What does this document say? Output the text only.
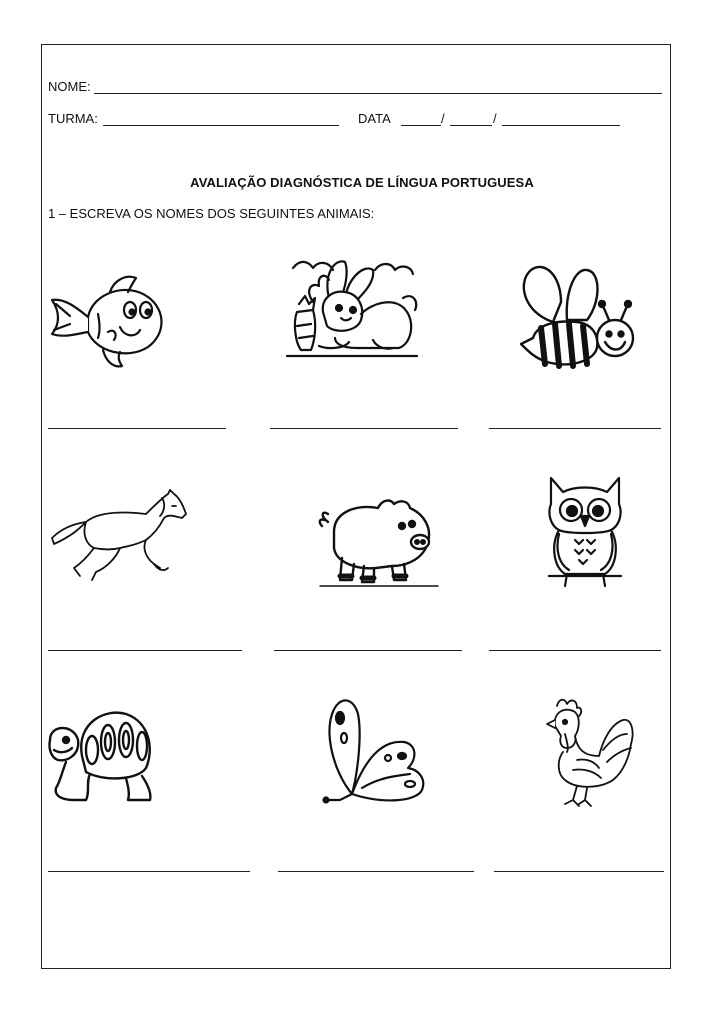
NOME:
TURMA:	DATA	/	/
AVALIAÇÃO DIAGNÓSTICA DE LÍNGUA PORTUGUESA
1 – ESCREVA OS NOMES DOS SEGUINTES ANIMAIS:
